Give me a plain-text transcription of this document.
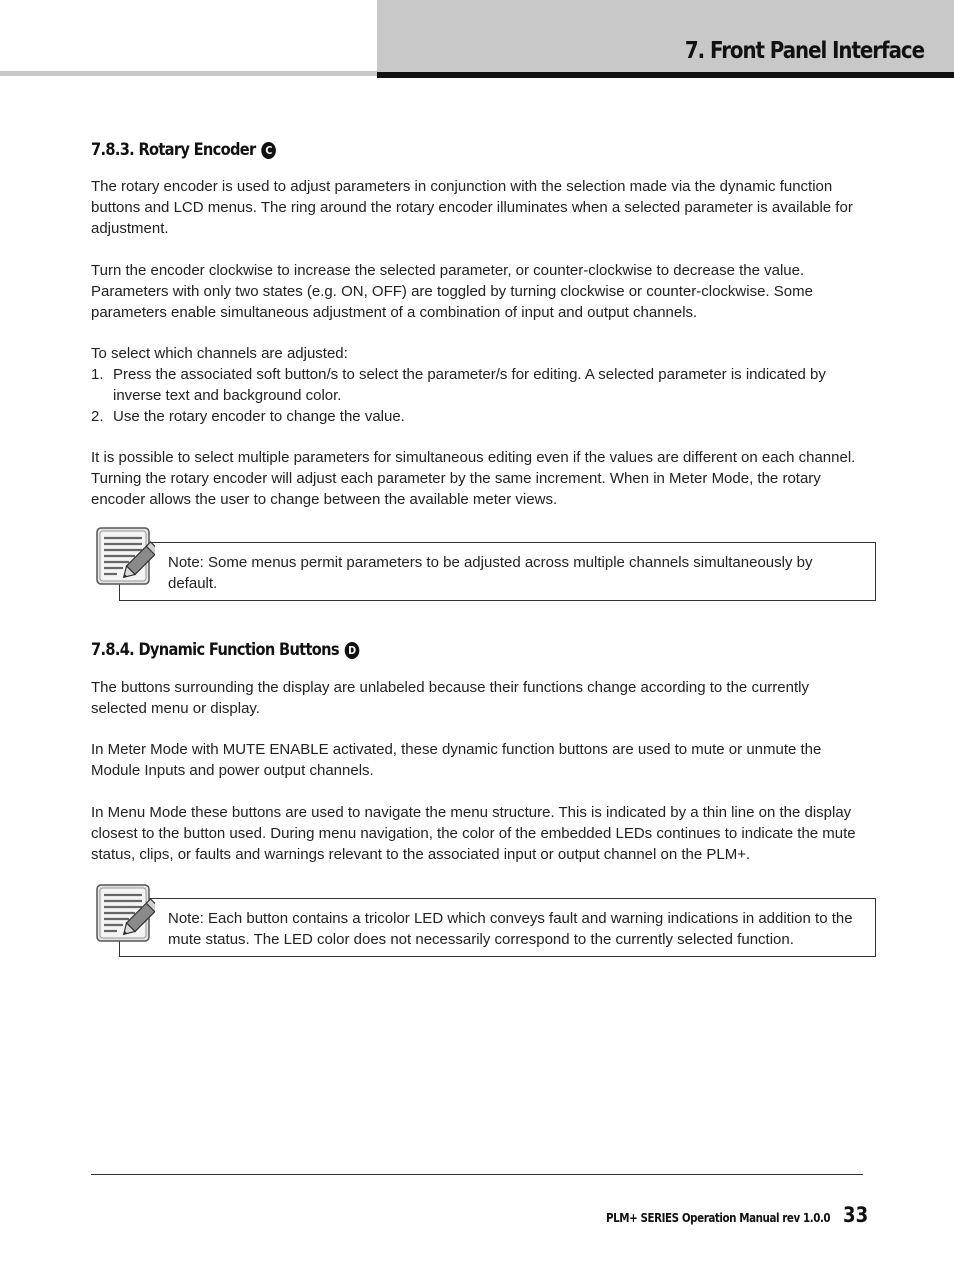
7. Front Panel Interface
7.8.3. Rotary Encoder C

The rotary encoder is used to adjust parameters in conjunction with the selection made via the dynamic function buttons and LCD menus. The ring around the rotary encoder illuminates when a selected parameter is available for adjustment.

Turn the encoder clockwise to increase the selected parameter, or counter-clockwise to decrease the value. Parameters with only two states (e.g. ON, OFF) are toggled by turning clockwise or counter-clockwise. Some parameters enable simultaneous adjustment of a combination of input and output channels.

To select which channels are adjusted:

1. Press the associated soft button/s to select the parameter/s for editing. A selected parameter is indicated by inverse text and background color.
2. Use the rotary encoder to change the value.

It is possible to select multiple parameters for simultaneous editing even if the values are different on each channel. Turning the rotary encoder will adjust each parameter by the same increment. When in Meter Mode, the rotary encoder allows the user to change between the available meter views.

Note: Some menus permit parameters to be adjusted across multiple channels simultaneously by default.

7.8.4. Dynamic Function Buttons D

The buttons surrounding the display are unlabeled because their functions change according to the currently selected menu or display.

In Meter Mode with MUTE ENABLE activated, these dynamic function buttons are used to mute or unmute the Module Inputs and power output channels.

In Menu Mode these buttons are used to navigate the menu structure. This is indicated by a thin line on the display closest to the button used. During menu navigation, the color of the embedded LEDs continues to indicate the mute status, clips, or faults and warnings relevant to the associated input or output channel on the PLM+.

Note: Each button contains a tricolor LED which conveys fault and warning indications in addition to the mute status. The LED color does not necessarily correspond to the currently selected function.

PLM+ SERIES Operation Manual rev 1.0.0 33
